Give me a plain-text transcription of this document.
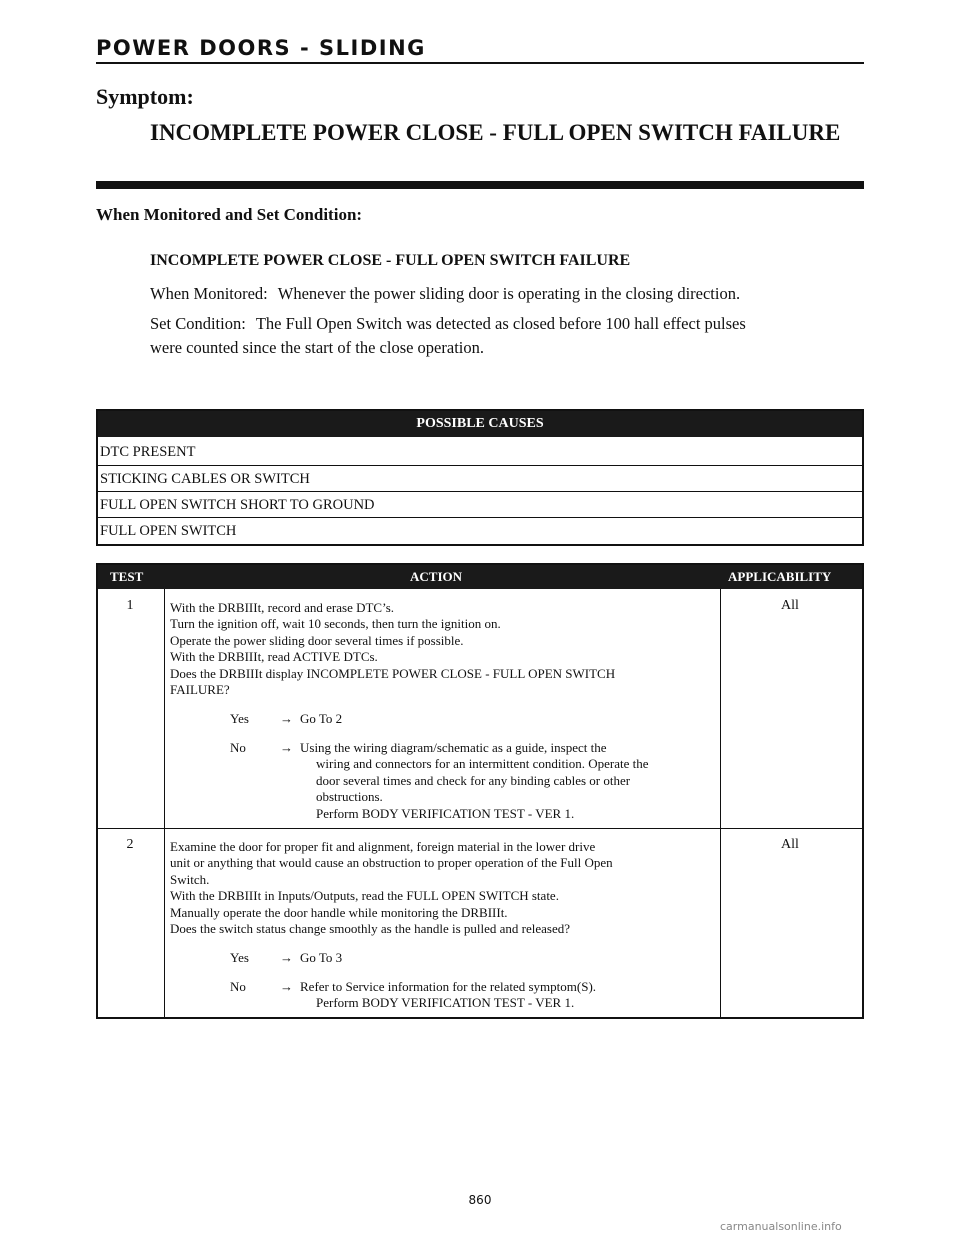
POWER DOORS - SLIDING
Symptom:
INCOMPLETE POWER CLOSE - FULL OPEN SWITCH FAILURE
When Monitored and Set Condition:
INCOMPLETE POWER CLOSE - FULL OPEN SWITCH FAILURE
When Monitored: Whenever the power sliding door is operating in the closing direction.
Set Condition: The Full Open Switch was detected as closed before 100 hall effect pulses
were counted since the start of the close operation.
POSSIBLE CAUSES
DTC PRESENT
STICKING CABLES OR SWITCH
FULL OPEN SWITCH SHORT TO GROUND
FULL OPEN SWITCH
TEST	ACTION	APPLICABILITY
1	With the DRBIIIt, record and erase DTC’s.
Turn the ignition off, wait 10 seconds, then turn the ignition on.
Operate the power sliding door several times if possible.
With the DRBIIIt, read ACTIVE DTCs.
Does the DRBIIIt display INCOMPLETE POWER CLOSE - FULL OPEN SWITCH
FAILURE?
Yes	→ Go To 2
No	→ Using the wiring diagram/schematic as a guide, inspect the
wiring and connectors for an intermittent condition. Operate the
door several times and check for any binding cables or other
obstructions.
Perform BODY VERIFICATION TEST - VER 1.
All
2	Examine the door for proper fit and alignment, foreign material in the lower drive
unit or anything that would cause an obstruction to proper operation of the Full Open
Switch.
With the DRBIIIt in Inputs/Outputs, read the FULL OPEN SWITCH state.
Manually operate the door handle while monitoring the DRBIIIt.
Does the switch status change smoothly as the handle is pulled and released?
Yes	→ Go To 3
No	→ Refer to Service information for the related symptom(S).
Perform BODY VERIFICATION TEST - VER 1.
All
860
carmanualsonline.info
